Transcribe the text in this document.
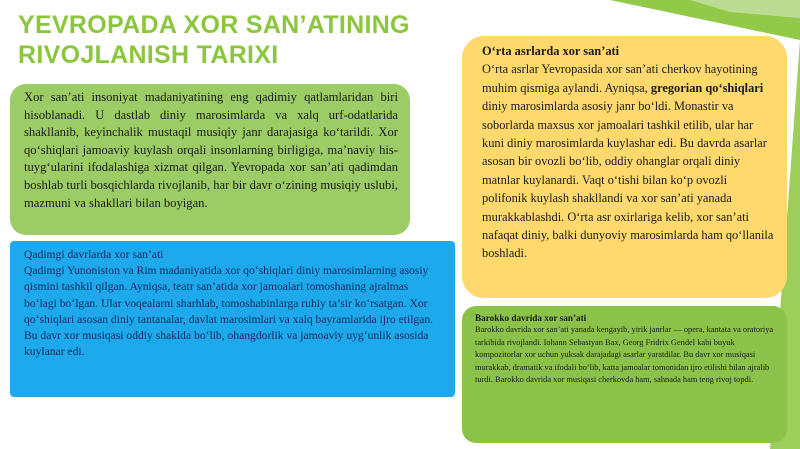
YEVROPADA XOR SAN’ATINING
RIVOJLANISH TARIXI

Xor san’ati insoniyat madaniyatining eng qadimiy qatlamlaridan biri hisoblanadi. U dastlab diniy marosimlarda va xalq urf-odatlarida shakllanib, keyinchalik mustaqil musiqiy janr darajasiga ko‘tarildi. Xor qo‘shiqlari jamoaviy kuylash orqali insonlarning birligiga, ma’naviy his-tuyg‘ularini ifodalashiga xizmat qilgan. Yevropada xor san’ati qadimdan boshlab turli bosqichlarda rivojlanib, har bir davr o‘zining musiqiy uslubi, mazmuni va shakllari bilan boyigan.

Qadimgi davrlarda xor san’ati

Qadimgi Yunoniston va Rim madaniyatida xor qo‘shiqlari diniy marosimlarning asosiy qismini tashkil qilgan. Ayniqsa, teatr san’atida xor jamoalari tomoshaning ajralmas bo‘lagi bo‘lgan. Ular voqealarni sharhlab, tomoshabinlarga ruhiy ta’sir ko‘rsatgan. Xor qo‘shiqlari asosan diniy tantanalar, davlat marosimlari va xalq bayramlarida ijro etilgan. Bu davr xor musiqasi oddiy shaklda bo‘lib, ohangdorlik va jamoaviy uyg‘unlik asosida kuylanar edi.

O‘rta asrlarda xor san’ati

O‘rta asrlar Yevropasida xor san’ati cherkov hayotining muhim qismiga aylandi. Ayniqsa, gregorian qo‘shiqlari diniy marosimlarda asosiy janr bo‘ldi. Monastir va soborlarda maxsus xor jamoalari tashkil etilib, ular har kuni diniy marosimlarda kuylashar edi. Bu davrda asarlar asosan bir ovozli bo‘lib, oddiy ohanglar orqali diniy matnlar kuylanardi. Vaqt o‘tishi bilan ko‘p ovozli polifonik kuylash shakllandi va xor san’ati yanada murakkablashdi. O‘rta asr oxirlariga kelib, xor san’ati nafaqat diniy, balki dunyoviy marosimlarda ham qo‘llanila boshladi.

Barokko davrida xor san’ati

Barokko davrida xor san’ati yanada kengayib, yirik janrlar — opera, kantata va oratoriya tarkibida rivojlandi. Iohann Sebastyan Bax, Georg Fridrix Gendel kabi buyuk kompozitorlar xor uchun yuksak darajadagi asarlar yaratdilar. Bu davr xor musiqasi murakkab, dramatik va ifodali bo‘lib, katta jamoalar tomonidan ijro etilishi bilan ajralib turdi. Barokko davrida xor musiqasi cherkovda ham, sahnada ham teng rivoj topdi.
